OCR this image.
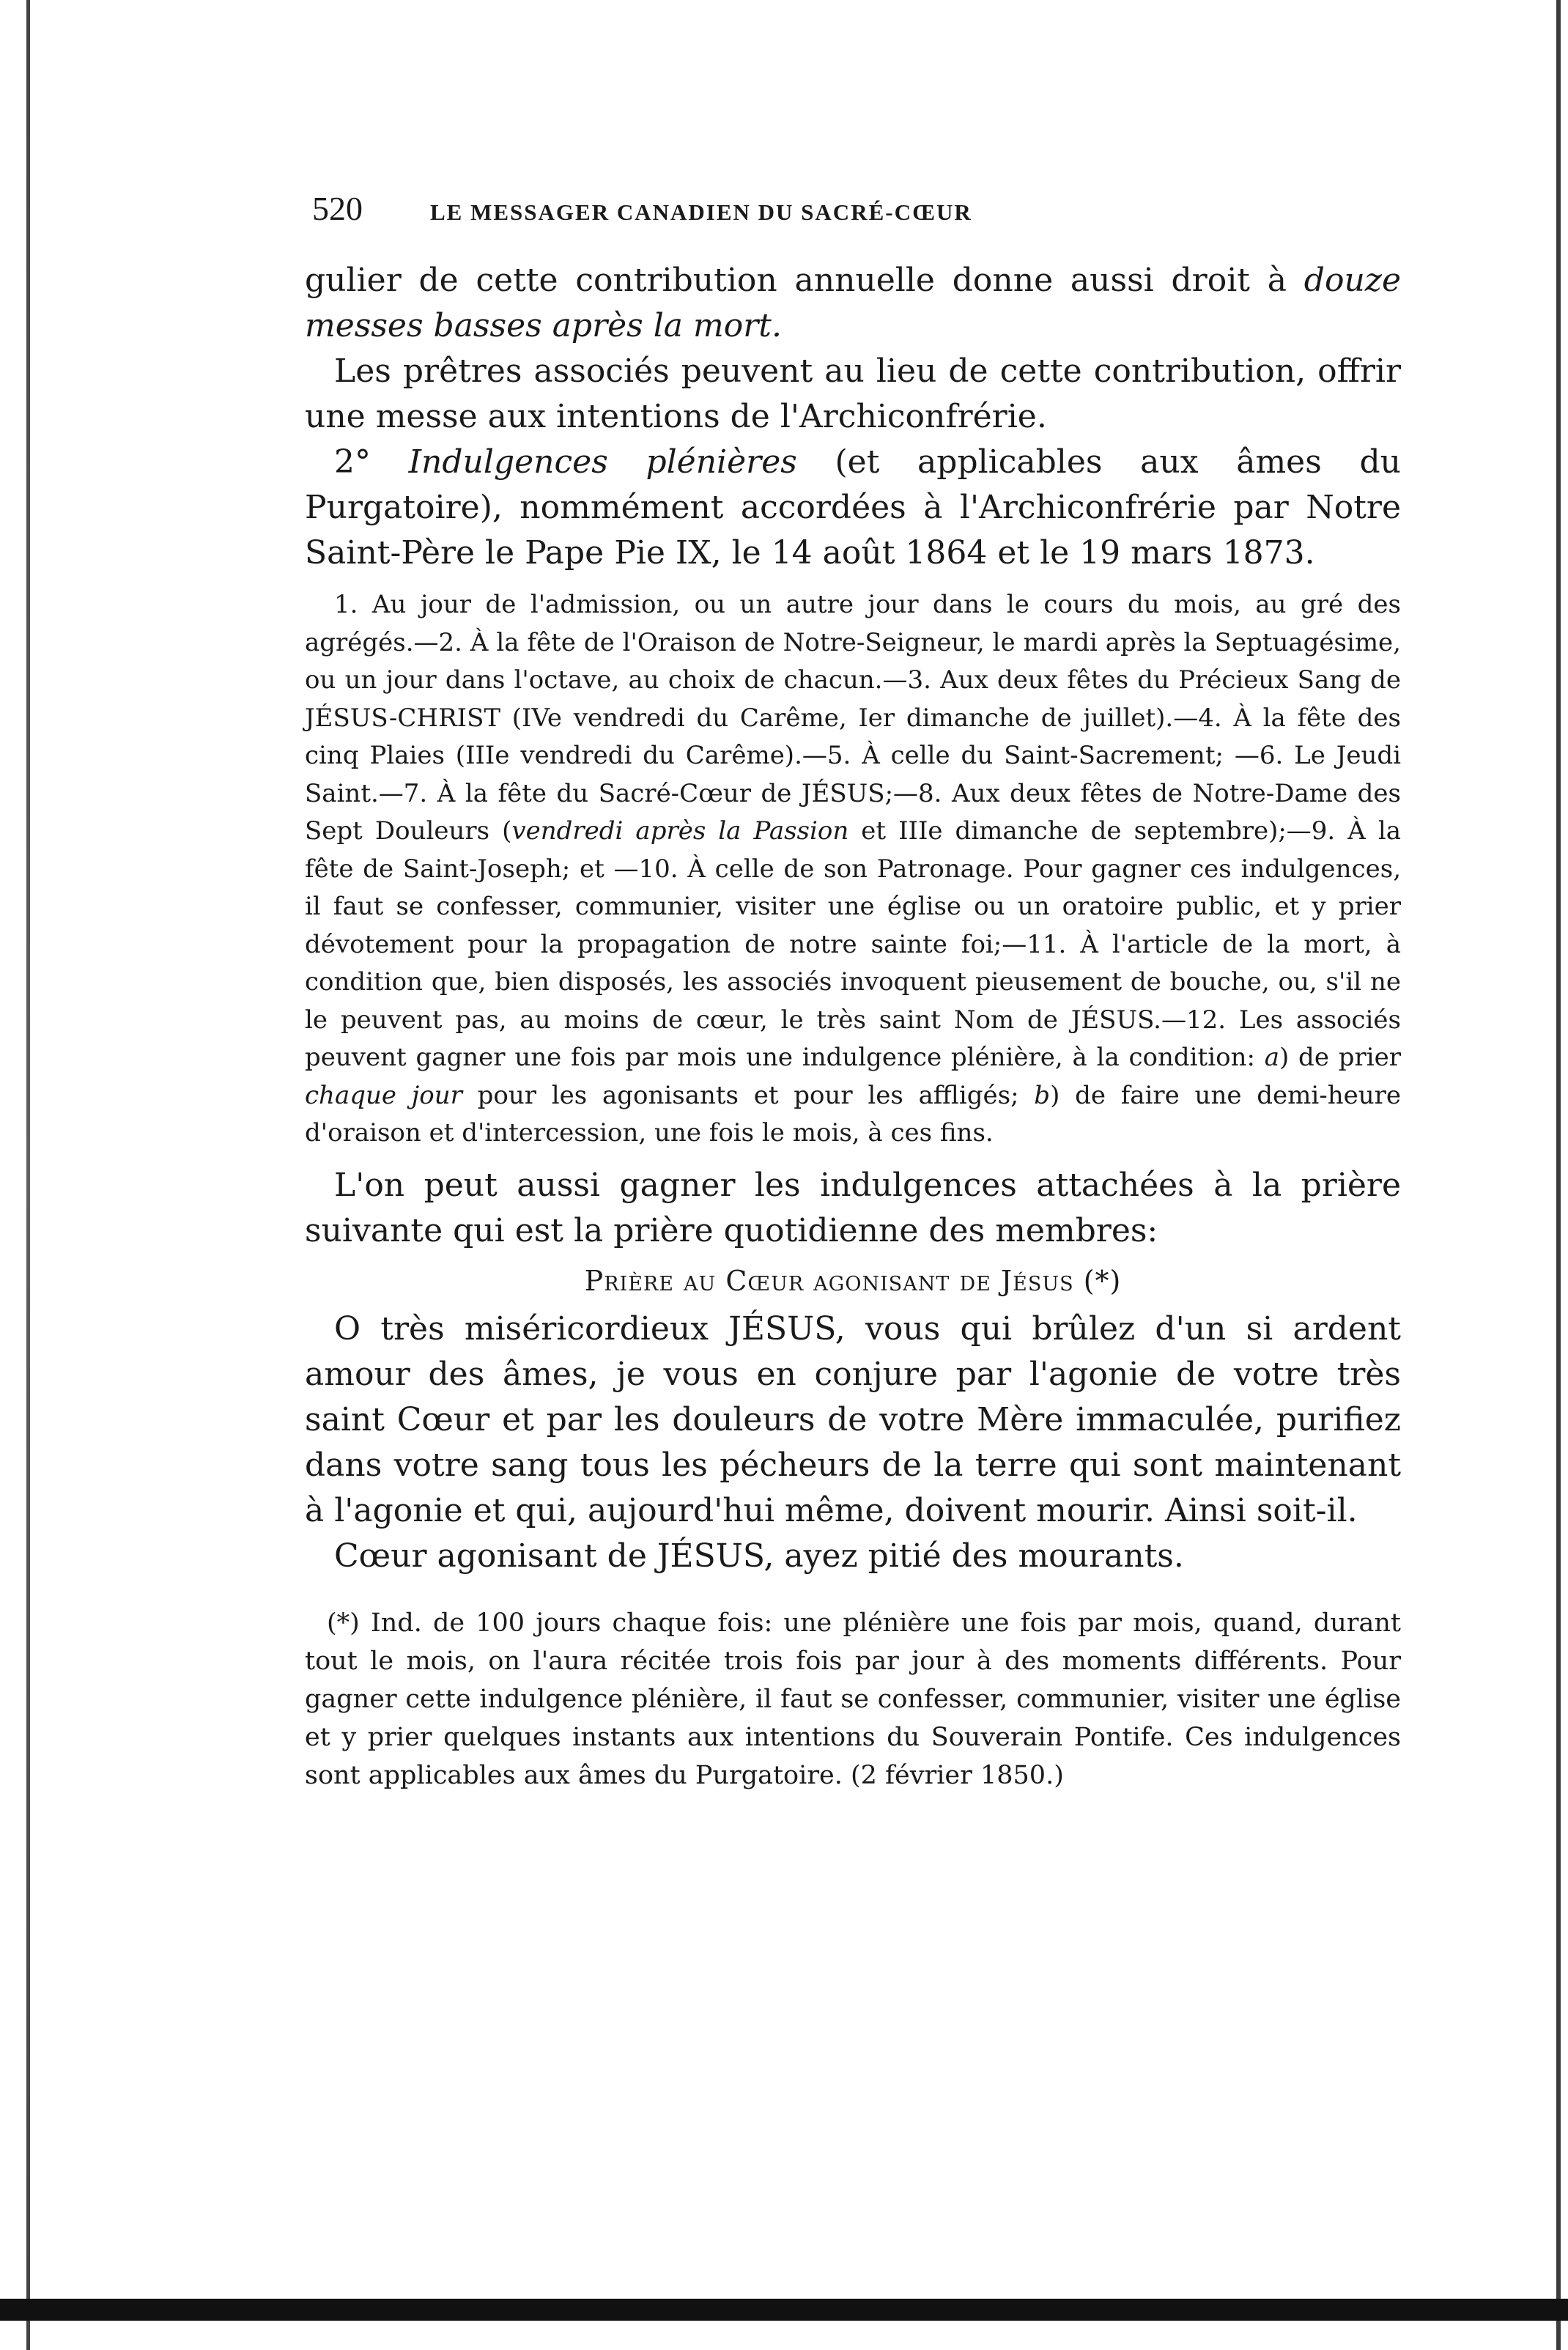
520	LE MESSAGER CANADIEN DU SACRÉ-CŒUR

gulier de cette contribution annuelle donne aussi droit à douze messes basses après la mort.

Les prêtres associés peuvent au lieu de cette contribution, offrir une messe aux intentions de l'Archiconfrérie.

2° Indulgences plénières (et applicables aux âmes du Purgatoire), nommément accordées à l'Archiconfrérie par Notre Saint-Père le Pape Pie IX, le 14 août 1864 et le 19 mars 1873.

1. Au jour de l'admission, ou un autre jour dans le cours du mois, au gré des agrégés.—2. À la fête de l'Oraison de Notre-Seigneur, le mardi après la Septuagésime, ou un jour dans l'octave, au choix de chacun.—3. Aux deux fêtes du Précieux Sang de JÉSUS-CHRIST (IVe vendredi du Carême, Ier dimanche de juillet).—4. À la fête des cinq Plaies (IIIe vendredi du Carême).—5. À celle du Saint-Sacrement; —6. Le Jeudi Saint.—7. À la fête du Sacré-Cœur de JÉSUS;—8. Aux deux fêtes de Notre-Dame des Sept Douleurs (vendredi après la Passion et IIIe dimanche de septembre);—9. À la fête de Saint-Joseph; et —10. À celle de son Patronage. Pour gagner ces indulgences, il faut se confesser, communier, visiter une église ou un oratoire public, et y prier dévotement pour la propagation de notre sainte foi;—11. À l'article de la mort, à condition que, bien disposés, les associés invoquent pieusement de bouche, ou, s'il ne le peuvent pas, au moins de cœur, le très saint Nom de JÉSUS.—12. Les associés peuvent gagner une fois par mois une indulgence plénière, à la condition: a) de prier chaque jour pour les agonisants et pour les affligés; b) de faire une demi-heure d'oraison et d'intercession, une fois le mois, à ces fins.

L'on peut aussi gagner les indulgences attachées à la prière suivante qui est la prière quotidienne des membres:

Prière au Cœur agonisant de Jésus (*)

O très miséricordieux JÉSUS, vous qui brûlez d'un si ardent amour des âmes, je vous en conjure par l'agonie de votre très saint Cœur et par les douleurs de votre Mère immaculée, purifiez dans votre sang tous les pécheurs de la terre qui sont maintenant à l'agonie et qui, aujourd'hui même, doivent mourir. Ainsi soit-il.

Cœur agonisant de JÉSUS, ayez pitié des mourants.

(*) Ind. de 100 jours chaque fois: une plénière une fois par mois, quand, durant tout le mois, on l'aura récitée trois fois par jour à des moments différents. Pour gagner cette indulgence plénière, il faut se confesser, communier, visiter une église et y prier quelques instants aux intentions du Souverain Pontife. Ces indulgences sont applicables aux âmes du Purgatoire. (2 février 1850.)
